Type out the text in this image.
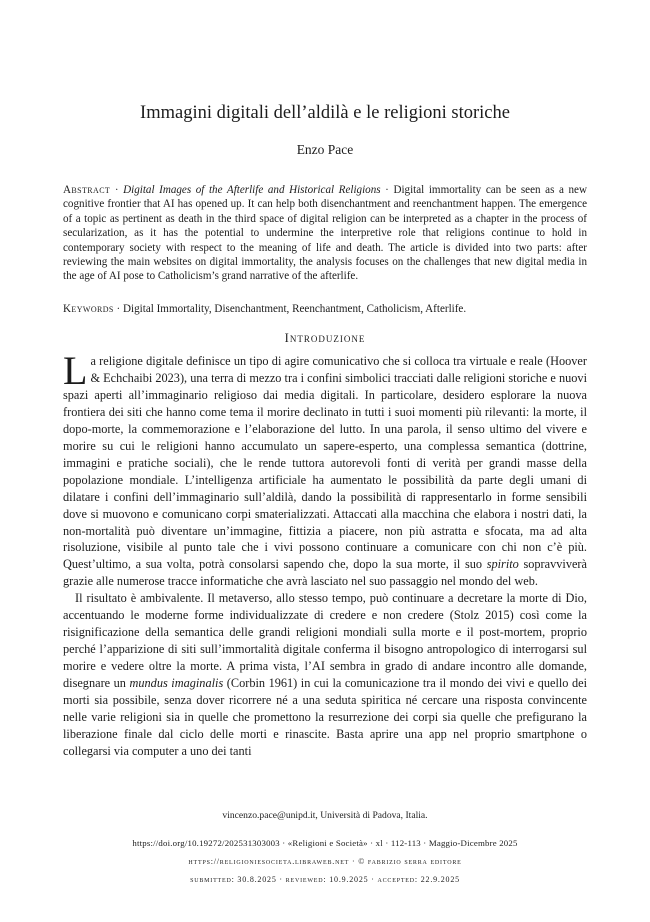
Immagini digitali dell’aldilà e le religioni storiche
Enzo Pace
Abstract · Digital Images of the Afterlife and Historical Religions · Digital immortality can be seen as a new cognitive frontier that AI has opened up. It can help both disenchantment and reenchantment happen. The emergence of a topic as pertinent as death in the third space of digital religion can be interpreted as a chapter in the process of secularization, as it has the potential to undermine the interpretive role that religions continue to hold in contemporary society with respect to the meaning of life and death. The article is divided into two parts: after reviewing the main websites on digital immortality, the analysis focuses on the challenges that new digital media in the age of AI pose to Catholicism’s grand narrative of the afterlife.
Keywords · Digital Immortality, Disenchantment, Reenchantment, Catholicism, Afterlife.
Introduzione

La religione digitale definisce un tipo di agire comunicativo che si colloca tra virtuale e reale (Hoover & Echchaibi 2023), una terra di mezzo tra i confini simbolici tracciati dalle religioni storiche e nuovi spazi aperti all’immaginario religioso dai media digitali. In particolare, desidero esplorare la nuova frontiera dei siti che hanno come tema il morire declinato in tutti i suoi momenti più rilevanti: la morte, il dopo-morte, la commemorazione e l’elaborazione del lutto. In una parola, il senso ultimo del vivere e morire su cui le religioni hanno accumulato un sapere-esperto, una complessa semantica (dottrine, immagini e pratiche sociali), che le rende tuttora autorevoli fonti di verità per grandi masse della popolazione mondiale. L’intelligenza artificiale ha aumentato le possibilità da parte degli umani di dilatare i confini dell’immaginario sull’aldilà, dando la possibilità di rappresentarlo in forme sensibili dove si muovono e comunicano corpi smaterializzati. Attaccati alla macchina che elabora i nostri dati, la non-mortalità può diventare un’immagine, fittizia a piacere, non più astratta e sfocata, ma ad alta risoluzione, visibile al punto tale che i vivi possono continuare a comunicare con chi non c’è più. Quest’ultimo, a sua volta, potrà consolarsi sapendo che, dopo la sua morte, il suo spirito sopravviverà grazie alle numerose tracce informatiche che avrà lasciato nel suo passaggio nel mondo del web.

Il risultato è ambivalente. Il metaverso, allo stesso tempo, può continuare a decretare la morte di Dio, accentuando le moderne forme individualizzate di credere e non credere (Stolz 2015) così come la risignificazione della semantica delle grandi religioni mondiali sulla morte e il post-mortem, proprio perché l’apparizione di siti sull’immortalità digitale conferma il bisogno antropologico di interrogarsi sul morire e vedere oltre la morte. A prima vista, l’AI sembra in grado di andare incontro alle domande, disegnare un mundus imaginalis (Corbin 1961) in cui la comunicazione tra il mondo dei vivi e quello dei morti sia possibile, senza dover ricorrere né a una seduta spiritica né cercare una risposta convincente nelle varie religioni sia in quelle che promettono la resurrezione dei corpi sia quelle che prefigurano la liberazione finale dal ciclo delle morti e rinascite. Basta aprire una app nel proprio smartphone o collegarsi via computer a uno dei tanti

vincenzo.pace@unipd.it, Università di Padova, Italia.
https://doi.org/10.19272/202531303003 · «Religioni e Società» · xl · 112-113 · Maggio-Dicembre 2025
https://religioniesocieta.libraweb.net · © fabrizio serra editore
submitted: 30.8.2025 · reviewed: 10.9.2025 · accepted: 22.9.2025
